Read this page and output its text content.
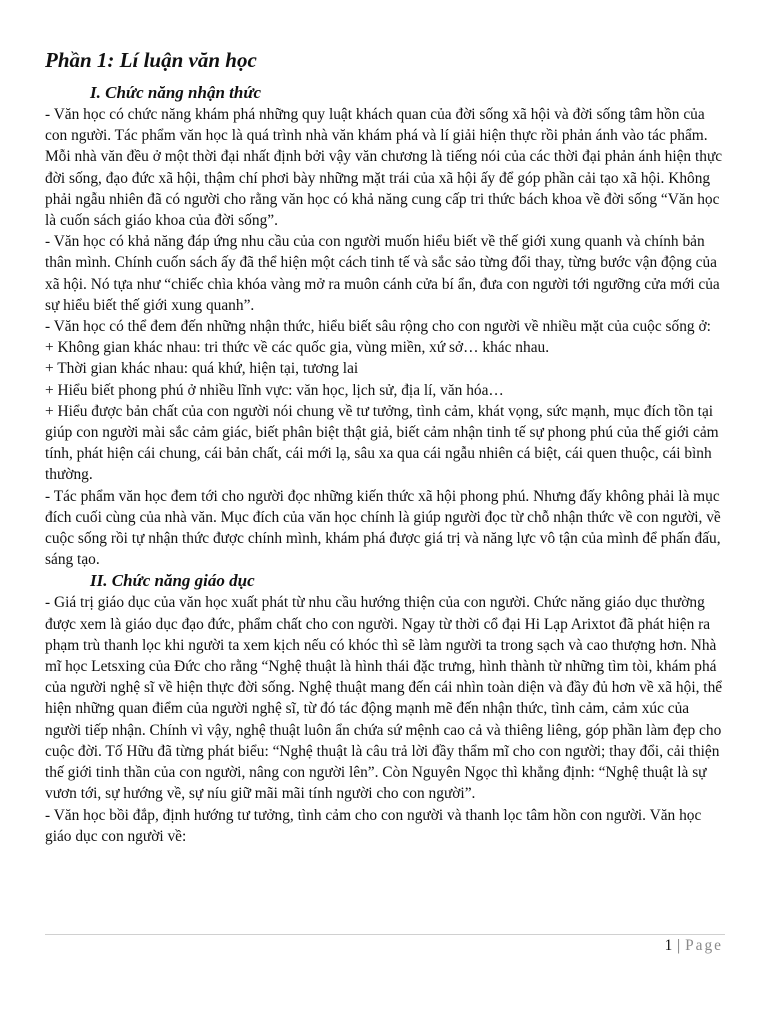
Phần 1: Lí luận văn học
I. Chức năng nhận thức

- Văn học có chức năng khám phá những quy luật khách quan của đời sống xã hội và đời sống tâm hồn của con người. Tác phẩm văn học là quá trình nhà văn khám phá và lí giải hiện thực rồi phản ánh vào tác phẩm. Mỗi nhà văn đều ở một thời đại nhất định bởi vậy văn chương là tiếng nói của các thời đại phản ánh hiện thực đời sống, đạo đức xã hội, thậm chí phơi bày những mặt trái của xã hội ấy để góp phần cải tạo xã hội. Không phải ngẫu nhiên đã có người cho rằng văn học có khả năng cung cấp tri thức bách khoa về đời sống “Văn học là cuốn sách giáo khoa của đời sống”.

- Văn học có khả năng đáp ứng nhu cầu của con người muốn hiểu biết về thế giới xung quanh và chính bản thân mình. Chính cuốn sách ấy đã thể hiện một cách tinh tế và sắc sảo từng đổi thay, từng bước vận động của xã hội. Nó tựa như “chiếc chìa khóa vàng mở ra muôn cánh cửa bí ẩn, đưa con người tới ngưỡng cửa mới của sự hiểu biết thế giới xung quanh”.

- Văn học có thể đem đến những nhận thức, hiểu biết sâu rộng cho con người về nhiều mặt của cuộc sống ở:

+ Không gian khác nhau: tri thức về các quốc gia, vùng miền, xứ sở… khác nhau.

+ Thời gian khác nhau: quá khứ, hiện tại, tương lai

+ Hiểu biết phong phú ở nhiều lĩnh vực: văn học, lịch sử, địa lí, văn hóa…

+ Hiểu được bản chất của con người nói chung về tư tưởng, tình cảm, khát vọng, sức mạnh, mục đích tồn tại giúp con người mài sắc cảm giác, biết phân biệt thật giả, biết cảm nhận tinh tế sự phong phú của thế giới cảm tính, phát hiện cái chung, cái bản chất, cái mới lạ, sâu xa qua cái ngẫu nhiên cá biệt, cái quen thuộc, cái bình thường.

- Tác phẩm văn học đem tới cho người đọc những kiến thức xã hội phong phú. Nhưng đấy không phải là mục đích cuối cùng của nhà văn. Mục đích của văn học chính là giúp người đọc từ chỗ nhận thức về con người, về cuộc sống rồi tự nhận thức được chính mình, khám phá được giá trị và năng lực vô tận của mình để phấn đấu, sáng tạo.

II. Chức năng giáo dục

- Giá trị giáo dục của văn học xuất phát từ nhu cầu hướng thiện của con người. Chức năng giáo dục thường được xem là giáo dục đạo đức, phẩm chất cho con người. Ngay từ thời cổ đại Hi Lạp Arixtot đã phát hiện ra phạm trù thanh lọc khi người ta xem kịch nếu có khóc thì sẽ làm người ta trong sạch và cao thượng hơn. Nhà mĩ học Letsxing của Đức cho rằng “Nghệ thuật là hình thái đặc trưng, hình thành từ những tìm tòi, khám phá của người nghệ sĩ về hiện thực đời sống. Nghệ thuật mang đến cái nhìn toàn diện và đầy đủ hơn về xã hội, thể hiện những quan điểm của người nghệ sĩ, từ đó tác động mạnh mẽ đến nhận thức, tình cảm, cảm xúc của người tiếp nhận. Chính vì vậy, nghệ thuật luôn ẩn chứa sứ mệnh cao cả và thiêng liêng, góp phần làm đẹp cho cuộc đời. Tố Hữu đã từng phát biểu: “Nghệ thuật là câu trả lời đầy thẩm mĩ cho con người; thay đổi, cải thiện thế giới tinh thần của con người, nâng con người lên”. Còn Nguyên Ngọc thì khẳng định: “Nghệ thuật là sự vươn tới, sự hướng về, sự níu giữ mãi mãi tính người cho con người”.

- Văn học bồi đắp, định hướng tư tưởng, tình cảm cho con người và thanh lọc tâm hồn con người. Văn học giáo dục con người về:

1 | Page
